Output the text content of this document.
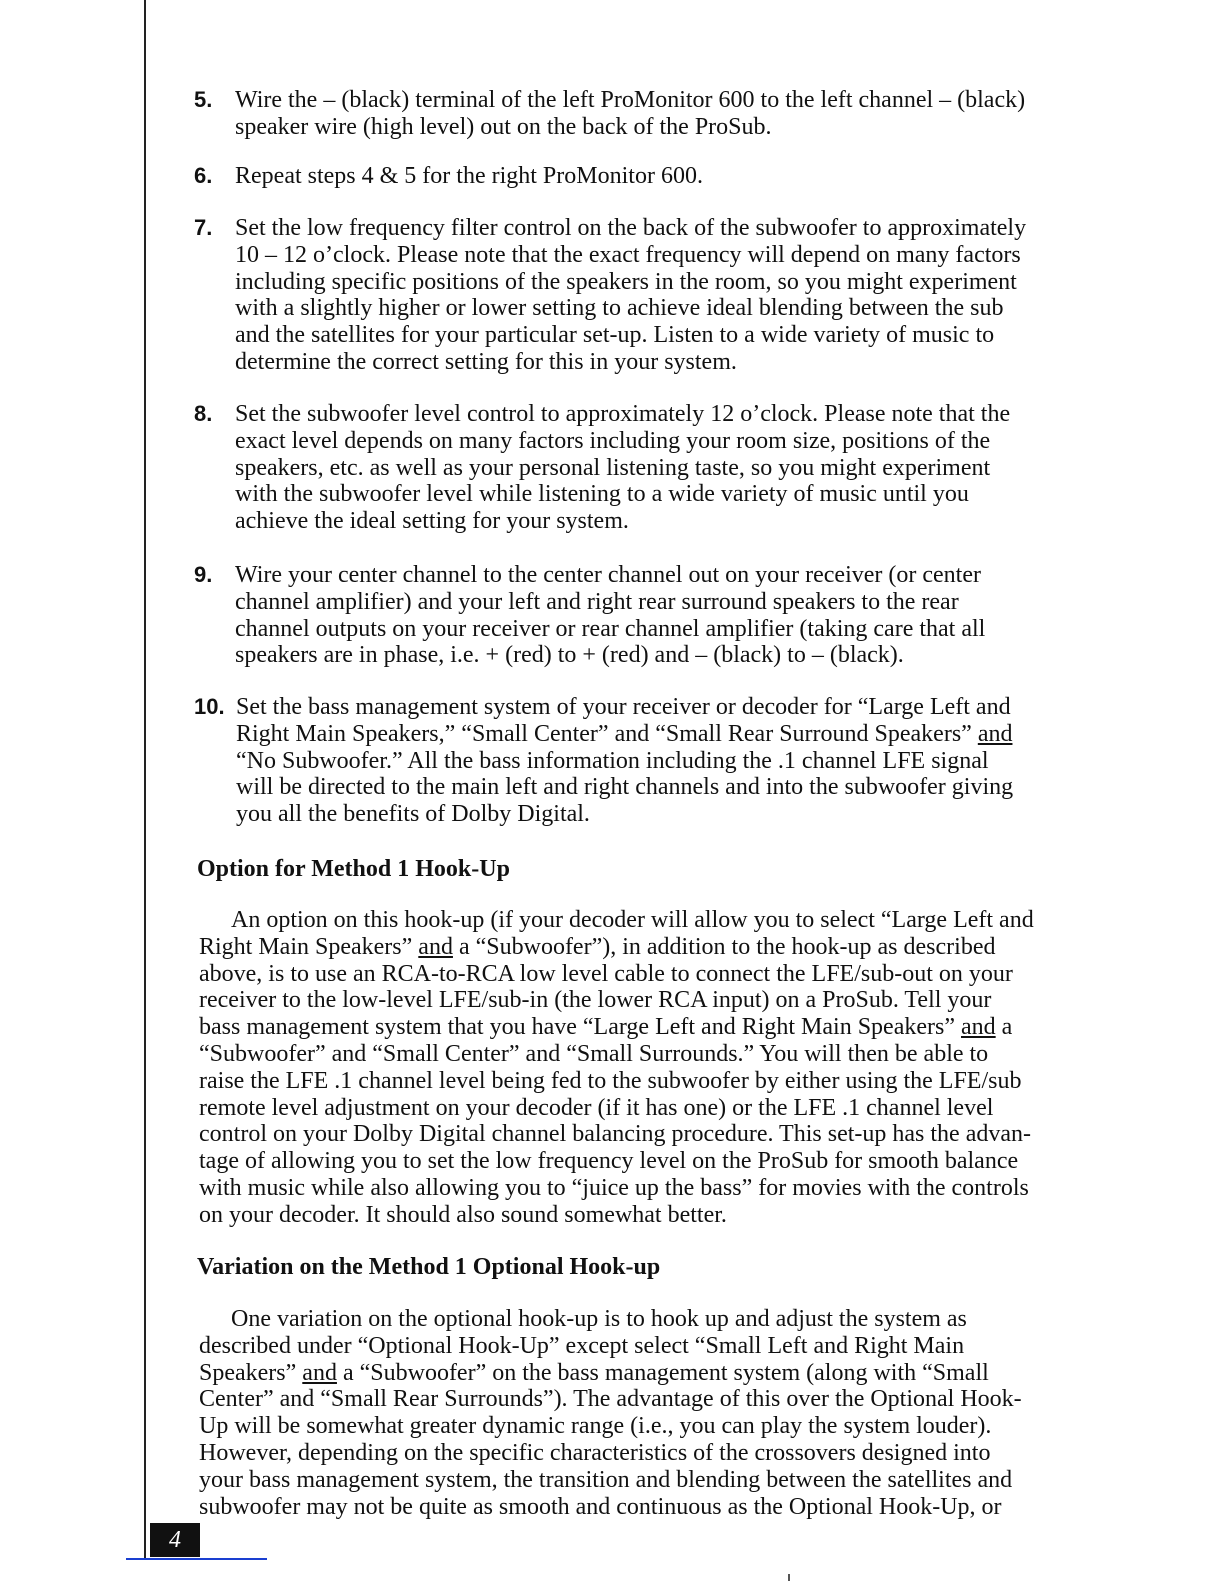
5. Wire the – (black) terminal of the left ProMonitor 600 to the left channel – (black)
speaker wire (high level) out on the back of the ProSub.
6. Repeat steps 4 & 5 for the right ProMonitor 600.
7. Set the low frequency filter control on the back of the subwoofer to approximately
10 – 12 o’clock. Please note that the exact frequency will depend on many factors
including specific positions of the speakers in the room, so you might experiment
with a slightly higher or lower setting to achieve ideal blending between the sub
and the satellites for your particular set-up. Listen to a wide variety of music to
determine the correct setting for this in your system.
8. Set the subwoofer level control to approximately 12 o’clock. Please note that the
exact level depends on many factors including your room size, positions of the
speakers, etc. as well as your personal listening taste, so you might experiment
with the subwoofer level while listening to a wide variety of music until you
achieve the ideal setting for your system.
9. Wire your center channel to the center channel out on your receiver (or center
channel amplifier) and your left and right rear surround speakers to the rear
channel outputs on your receiver or rear channel amplifier (taking care that all
speakers are in phase, i.e. + (red) to + (red) and – (black) to – (black).
10. Set the bass management system of your receiver or decoder for “Large Left and
Right Main Speakers,” “Small Center” and “Small Rear Surround Speakers” and
“No Subwoofer.” All the bass information including the .1 channel LFE signal
will be directed to the main left and right channels and into the subwoofer giving
you all the benefits of Dolby Digital.
Option for Method 1 Hook-Up
An option on this hook-up (if your decoder will allow you to select “Large Left and
Right Main Speakers” and a “Subwoofer”), in addition to the hook-up as described
above, is to use an RCA-to-RCA low level cable to connect the LFE/sub-out on your
receiver to the low-level LFE/sub-in (the lower RCA input) on a ProSub. Tell your
bass management system that you have “Large Left and Right Main Speakers” and a
“Subwoofer” and “Small Center” and “Small Surrounds.” You will then be able to
raise the LFE .1 channel level being fed to the subwoofer by either using the LFE/sub
remote level adjustment on your decoder (if it has one) or the LFE .1 channel level
control on your Dolby Digital channel balancing procedure. This set-up has the advan-
tage of allowing you to set the low frequency level on the ProSub for smooth balance
with music while also allowing you to “juice up the bass” for movies with the controls
on your decoder. It should also sound somewhat better.
Variation on the Method 1 Optional Hook-up
One variation on the optional hook-up is to hook up and adjust the system as
described under “Optional Hook-Up” except select “Small Left and Right Main
Speakers” and a “Subwoofer” on the bass management system (along with “Small
Center” and “Small Rear Surrounds”). The advantage of this over the Optional Hook-
Up will be somewhat greater dynamic range (i.e., you can play the system louder).
However, depending on the specific characteristics of the crossovers designed into
your bass management system, the transition and blending between the satellites and
subwoofer may not be quite as smooth and continuous as the Optional Hook-Up, or
4
